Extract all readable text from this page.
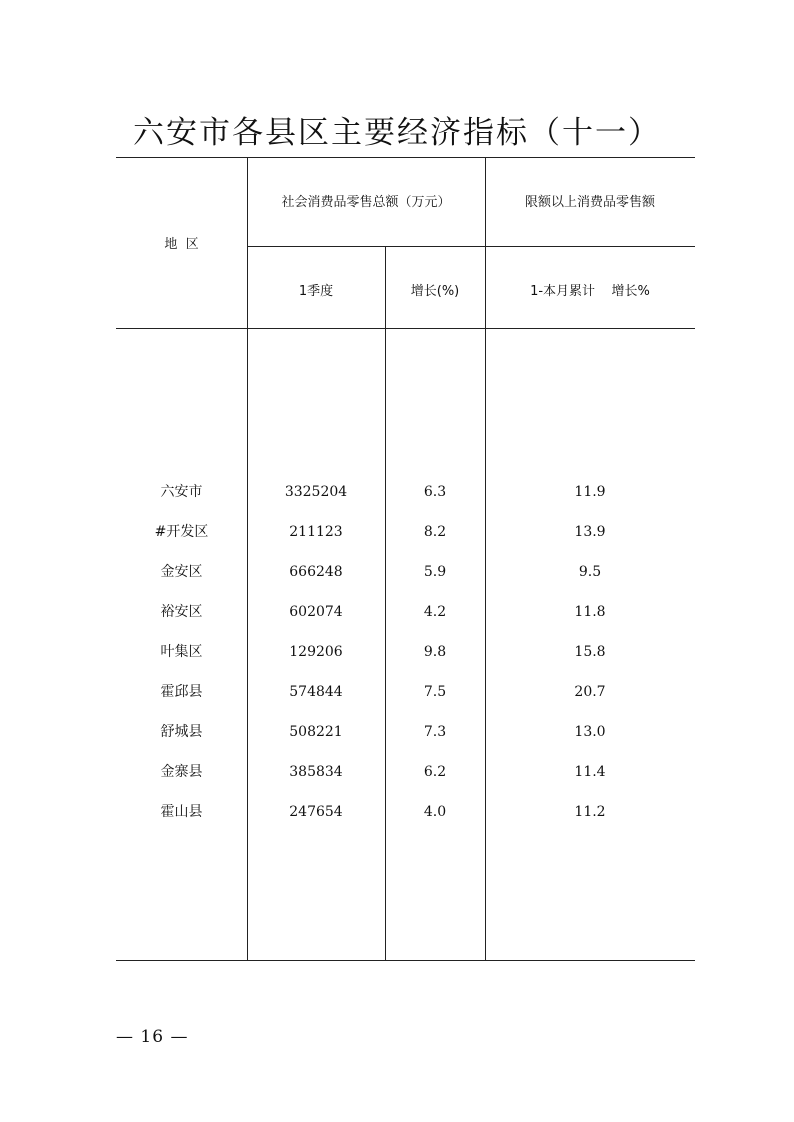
六安市各县区主要经济指标（十一）
地  区
社会消费品零售总额（万元）	限额以上消费品零售额
1季度	增长(%)	1-本月累计    增长%
六安市	3325204	6.3	11.9
#开发区	211123	8.2	13.9
金安区	666248	5.9	9.5
裕安区	602074	4.2	11.8
叶集区	129206	9.8	15.8
霍邱县	574844	7.5	20.7
舒城县	508221	7.3	13.0
金寨县	385834	6.2	11.4
霍山县	247654	4.0	11.2
— 16 —
